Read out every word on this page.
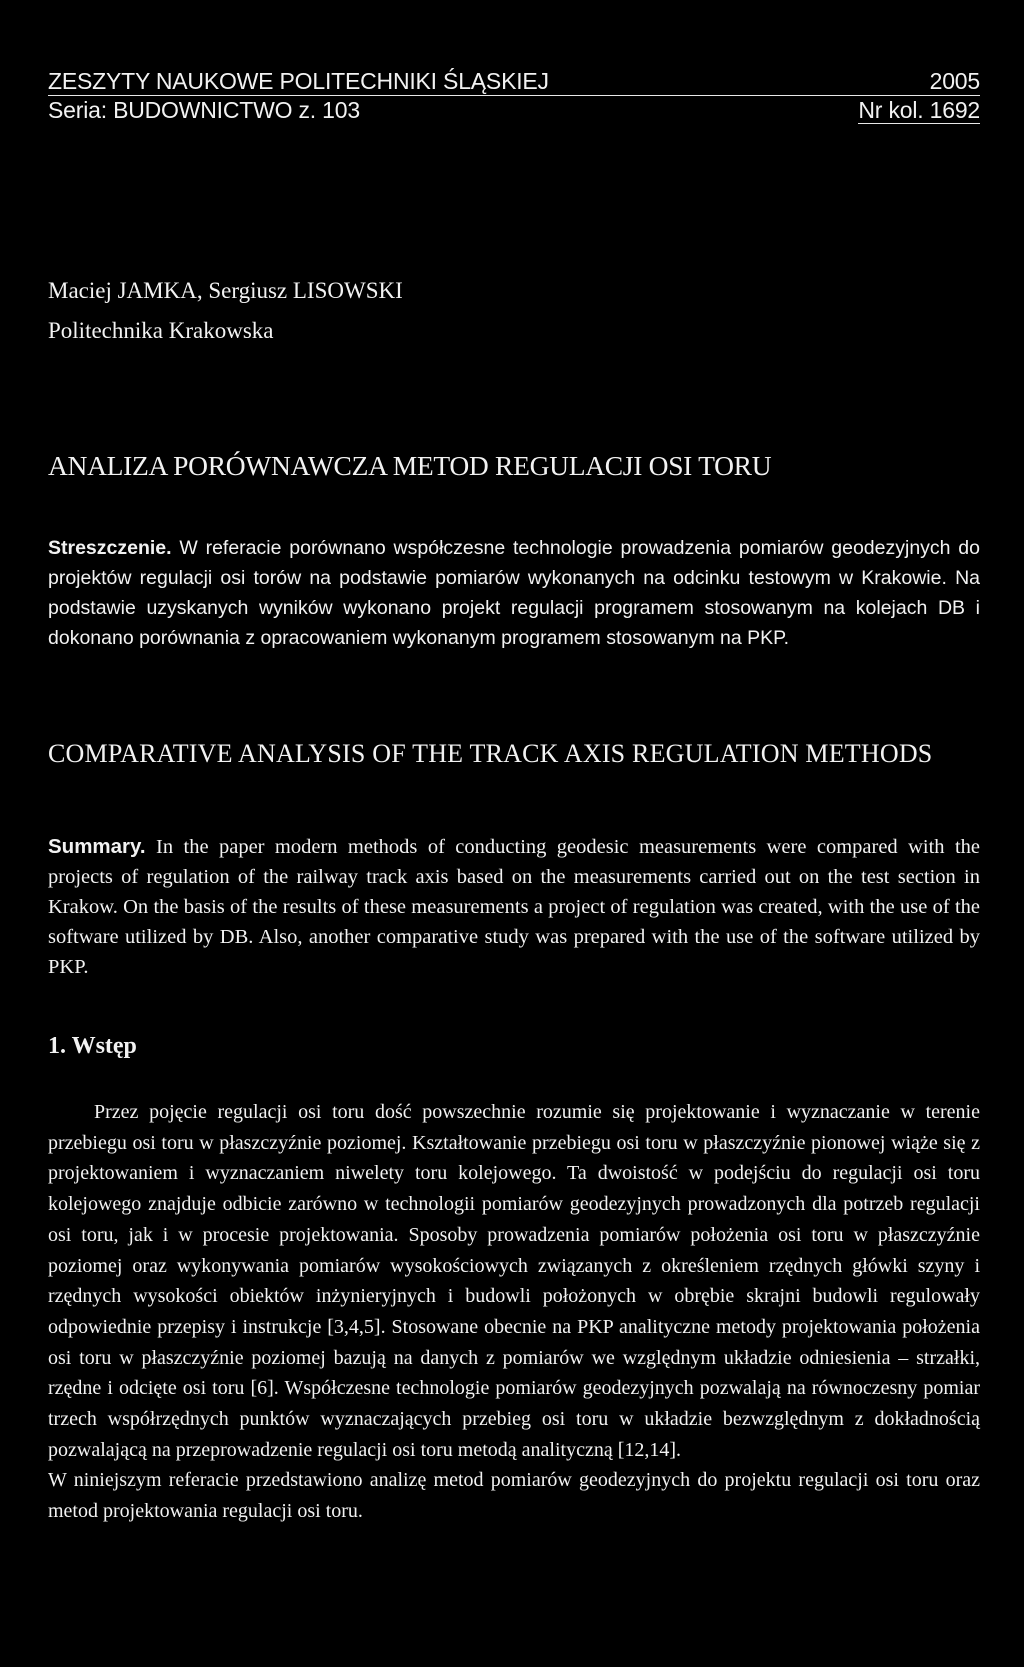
ZESZYTY NAUKOWE POLITECHNIKI ŚLĄSKIEJ	2005
Seria: BUDOWNICTWO z. 103	Nr kol. 1692
Maciej JAMKA, Sergiusz LISOWSKI
Politechnika Krakowska
ANALIZA PORÓWNAWCZA METOD REGULACJI OSI TORU
Streszczenie. W referacie porównano współczesne technologie prowadzenia pomiarów geodezyjnych do projektów regulacji osi torów na podstawie pomiarów wykonanych na odcinku testowym w Krakowie. Na podstawie uzyskanych wyników wykonano projekt regulacji programem stosowanym na kolejach DB i dokonano porównania z opracowaniem wykonanym programem stosowanym na PKP.
COMPARATIVE ANALYSIS OF THE TRACK AXIS REGULATION METHODS
Summary. In the paper modern methods of conducting geodesic measurements were compared with the projects of regulation of the railway track axis based on the measurements carried out on the test section in Krakow. On the basis of the results of these measurements a project of regulation was created, with the use of the software utilized by DB. Also, another comparative study was prepared with the use of the software utilized by PKP.
1. Wstęp

Przez pojęcie regulacji osi toru dość powszechnie rozumie się projektowanie i wyznaczanie w terenie przebiegu osi toru w płaszczyźnie poziomej. Kształtowanie przebiegu osi toru w płaszczyźnie pionowej wiąże się z projektowaniem i wyznaczaniem niwelety toru kolejowego. Ta dwoistość w podejściu do regulacji osi toru kolejowego znajduje odbicie zarówno w technologii pomiarów geodezyjnych prowadzonych dla potrzeb regulacji osi toru, jak i w procesie projektowania. Sposoby prowadzenia pomiarów położenia osi toru w płaszczyźnie poziomej oraz wykonywania pomiarów wysokościowych związanych z określeniem rzędnych główki szyny i rzędnych wysokości obiektów inżynieryjnych i budowli położonych w obrębie skrajni budowli regulowały odpowiednie przepisy i instrukcje [3,4,5]. Stosowane obecnie na PKP analityczne metody projektowania położenia osi toru w płaszczyźnie poziomej bazują na danych z pomiarów we względnym układzie odniesienia – strzałki, rzędne i odcięte osi toru [6]. Współczesne technologie pomiarów geodezyjnych pozwalają na równoczesny pomiar trzech współrzędnych punktów wyznaczających przebieg osi toru w układzie bezwzględnym z dokładnością pozwalającą na przeprowadzenie regulacji osi toru metodą analityczną [12,14].

W niniejszym referacie przedstawiono analizę metod pomiarów geodezyjnych do projektu regulacji osi toru oraz metod projektowania regulacji osi toru.
